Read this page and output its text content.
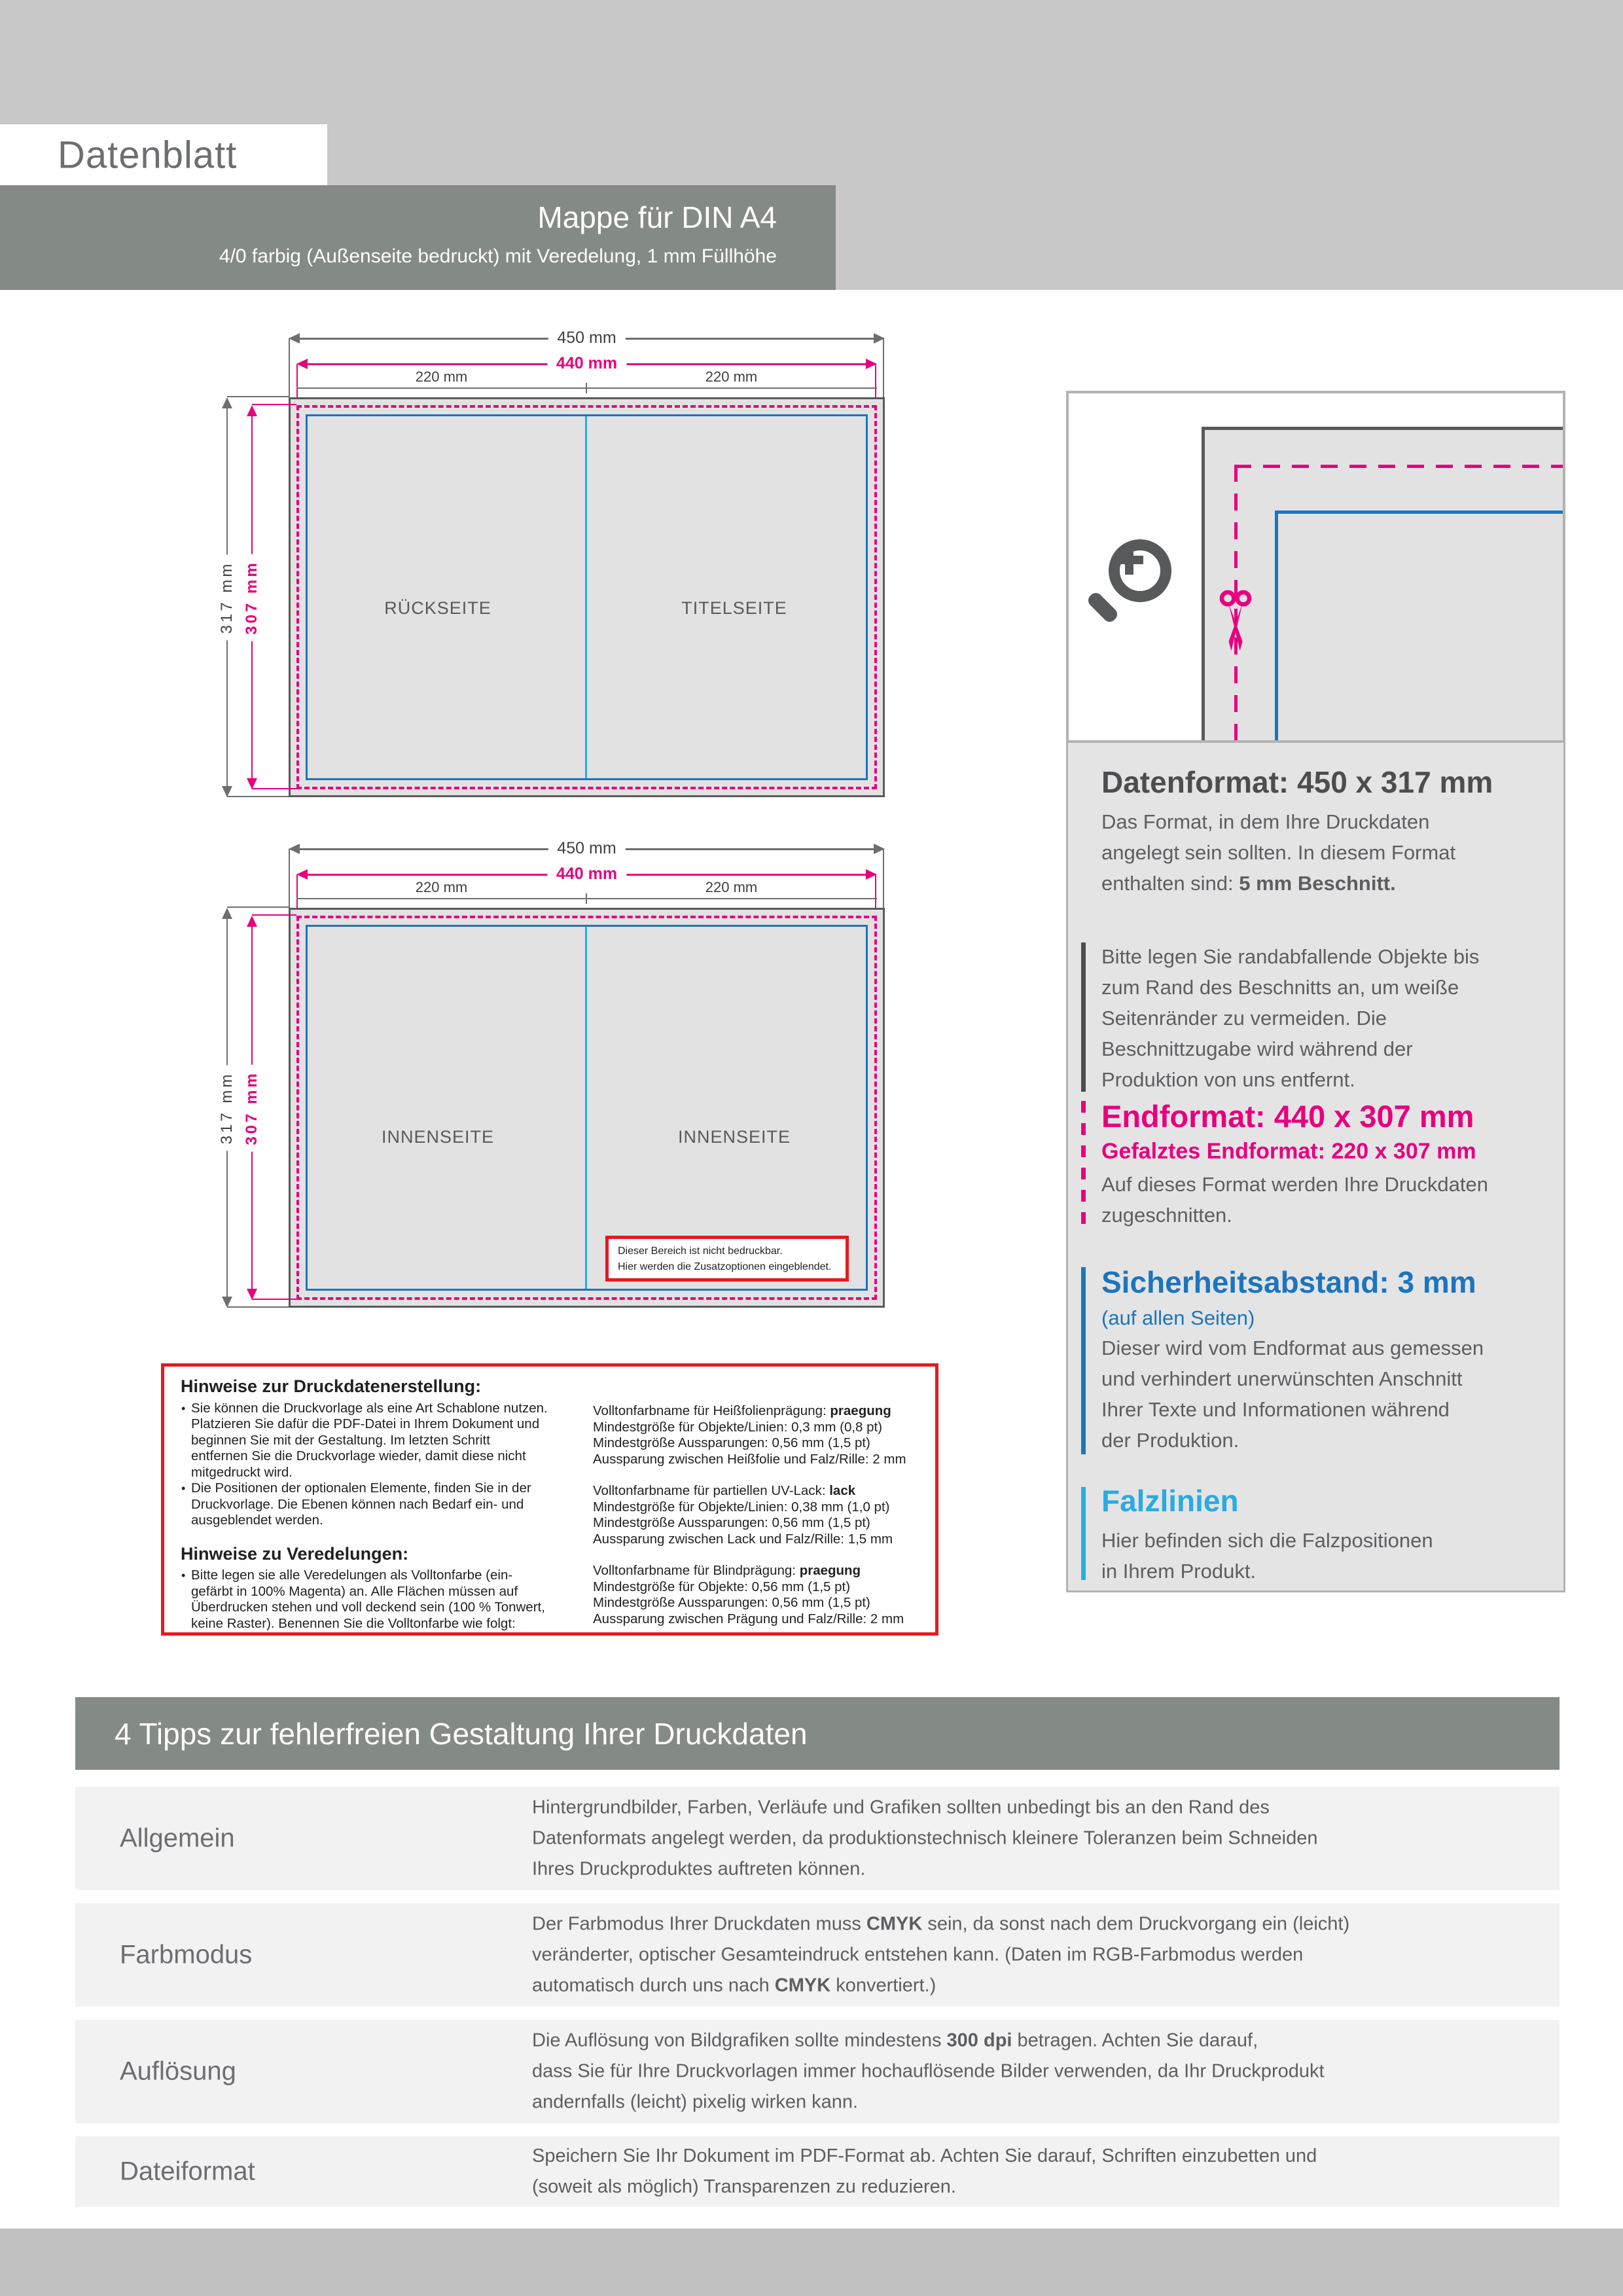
Datenblatt
Mappe für DIN A4
4/0 farbig (Außenseite bedruckt) mit Veredelung, 1 mm Füllhöhe
450 mm
440 mm
220 mm	220 mm
RÜCKSEITE	TITELSEITE
317 mm 307 mm
450 mm
440 mm
220 mm	220 mm
INNENSEITE	INNENSEITE
Dieser Bereich ist nicht bedruckbar.
Hier werden die Zusatzoptionen eingeblendet.
317 mm 307 mm
Hinweise zur Druckdatenerstellung:
• Sie können die Druckvorlage als eine Art Schablone nutzen.
Platzieren Sie dafür die PDF-Datei in Ihrem Dokument und
beginnen Sie mit der Gestaltung. Im letzten Schritt
entfernen Sie die Druckvorlage wieder, damit diese nicht
mitgedruckt wird.
• Die Positionen der optionalen Elemente, finden Sie in der
Druckvorlage. Die Ebenen können nach Bedarf ein- und
ausgeblendet werden.
Hinweise zu Veredelungen:
• Bitte legen sie alle Veredelungen als Volltonfarbe (ein-
gefärbt in 100% Magenta) an. Alle Flächen müssen auf
Überdrucken stehen und voll deckend sein (100 % Tonwert,
keine Raster). Benennen Sie die Volltonfarbe wie folgt:
Volltonfarbname für Heißfolienprägung: praegung
Mindestgröße für Objekte/Linien: 0,3 mm (0,8 pt)
Mindestgröße Aussparungen: 0,56 mm (1,5 pt)
Aussparung zwischen Heißfolie und Falz/Rille: 2 mm
Volltonfarbname für partiellen UV-Lack: lack
Mindestgröße für Objekte/Linien: 0,38 mm (1,0 pt)
Mindestgröße Aussparungen: 0,56 mm (1,5 pt)
Aussparung zwischen Lack und Falz/Rille: 1,5 mm
Volltonfarbname für Blindprägung: praegung
Mindestgröße für Objekte: 0,56 mm (1,5 pt)
Mindestgröße Aussparungen: 0,56 mm (1,5 pt)
Aussparung zwischen Prägung und Falz/Rille: 2 mm
Datenformat: 450 x 317 mm
Das Format, in dem Ihre Druckdaten
angelegt sein sollten. In diesem Format
enthalten sind: 5 mm Beschnitt.
Bitte legen Sie randabfallende Objekte bis
zum Rand des Beschnitts an, um weiße
Seitenränder zu vermeiden. Die
Beschnittzugabe wird während der
Produktion von uns entfernt.
Endformat: 440 x 307 mm
Gefalztes Endformat: 220 x 307 mm
Auf dieses Format werden Ihre Druckdaten
zugeschnitten.
Sicherheitsabstand: 3 mm
(auf allen Seiten)
Dieser wird vom Endformat aus gemessen
und verhindert unerwünschten Anschnitt
Ihrer Texte und Informationen während
der Produktion.
Falzlinien
Hier befinden sich die Falzpositionen
in Ihrem Produkt.
4 Tipps zur fehlerfreien Gestaltung Ihrer Druckdaten
Allgemein
Hintergrundbilder, Farben, Verläufe und Grafiken sollten unbedingt bis an den Rand des
Datenformats angelegt werden, da produktionstechnisch kleinere Toleranzen beim Schneiden
Ihres Druckproduktes auftreten können.
Farbmodus
Der Farbmodus Ihrer Druckdaten muss CMYK sein, da sonst nach dem Druckvorgang ein (leicht)
veränderter, optischer Gesamteindruck entstehen kann. (Daten im RGB-Farbmodus werden
automatisch durch uns nach CMYK konvertiert.)
Auflösung
Die Auflösung von Bildgrafiken sollte mindestens 300 dpi betragen. Achten Sie darauf,
dass Sie für Ihre Druckvorlagen immer hochauflösende Bilder verwenden, da Ihr Druckprodukt
andernfalls (leicht) pixelig wirken kann.
Dateiformat
Speichern Sie Ihr Dokument im PDF-Format ab. Achten Sie darauf, Schriften einzubetten und
(soweit als möglich) Transparenzen zu reduzieren.
